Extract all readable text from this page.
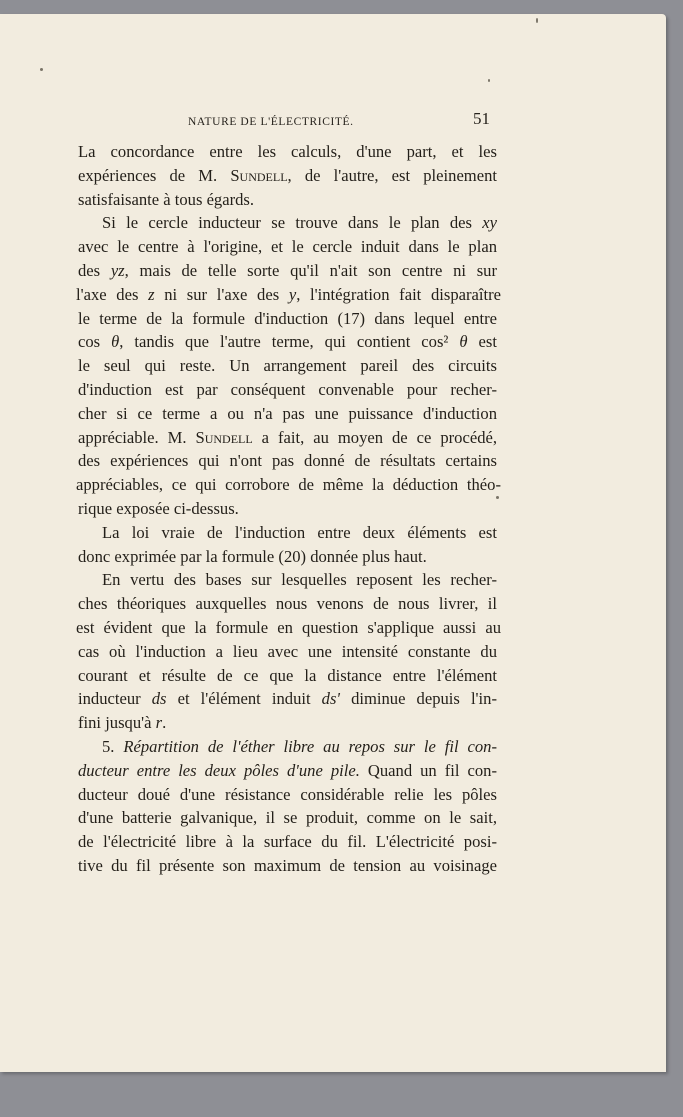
NATURE DE L'ÉLECTRICITÉ.	51
La concordance entre les calculs, d'une part, et les
expériences de M. Sundell, de l'autre, est pleinement
satisfaisante à tous égards.
Si le cercle inducteur se trouve dans le plan des xy
avec le centre à l'origine, et le cercle induit dans le plan
des yz, mais de telle sorte qu'il n'ait son centre ni sur
l'axe des z ni sur l'axe des y, l'intégration fait disparaître
le terme de la formule d'induction (17) dans lequel entre
cos θ, tandis que l'autre terme, qui contient cos² θ est
le seul qui reste. Un arrangement pareil des circuits
d'induction est par conséquent convenable pour recher-
cher si ce terme a ou n'a pas une puissance d'induction
appréciable. M. Sundell a fait, au moyen de ce procédé,
des expériences qui n'ont pas donné de résultats certains
appréciables, ce qui corrobore de même la déduction théo-
rique exposée ci-dessus.
La loi vraie de l'induction entre deux éléments est
donc exprimée par la formule (20) donnée plus haut.
En vertu des bases sur lesquelles reposent les recher-
ches théoriques auxquelles nous venons de nous livrer, il
est évident que la formule en question s'applique aussi au
cas où l'induction a lieu avec une intensité constante du
courant et résulte de ce que la distance entre l'élément
inducteur ds et l'élément induit ds' diminue depuis l'in-
fini jusqu'à r.
5. Répartition de l'éther libre au repos sur le fil con-
ducteur entre les deux pôles d'une pile. Quand un fil con-
ducteur doué d'une résistance considérable relie les pôles
d'une batterie galvanique, il se produit, comme on le sait,
de l'électricité libre à la surface du fil. L'électricité posi-
tive du fil présente son maximum de tension au voisinage
